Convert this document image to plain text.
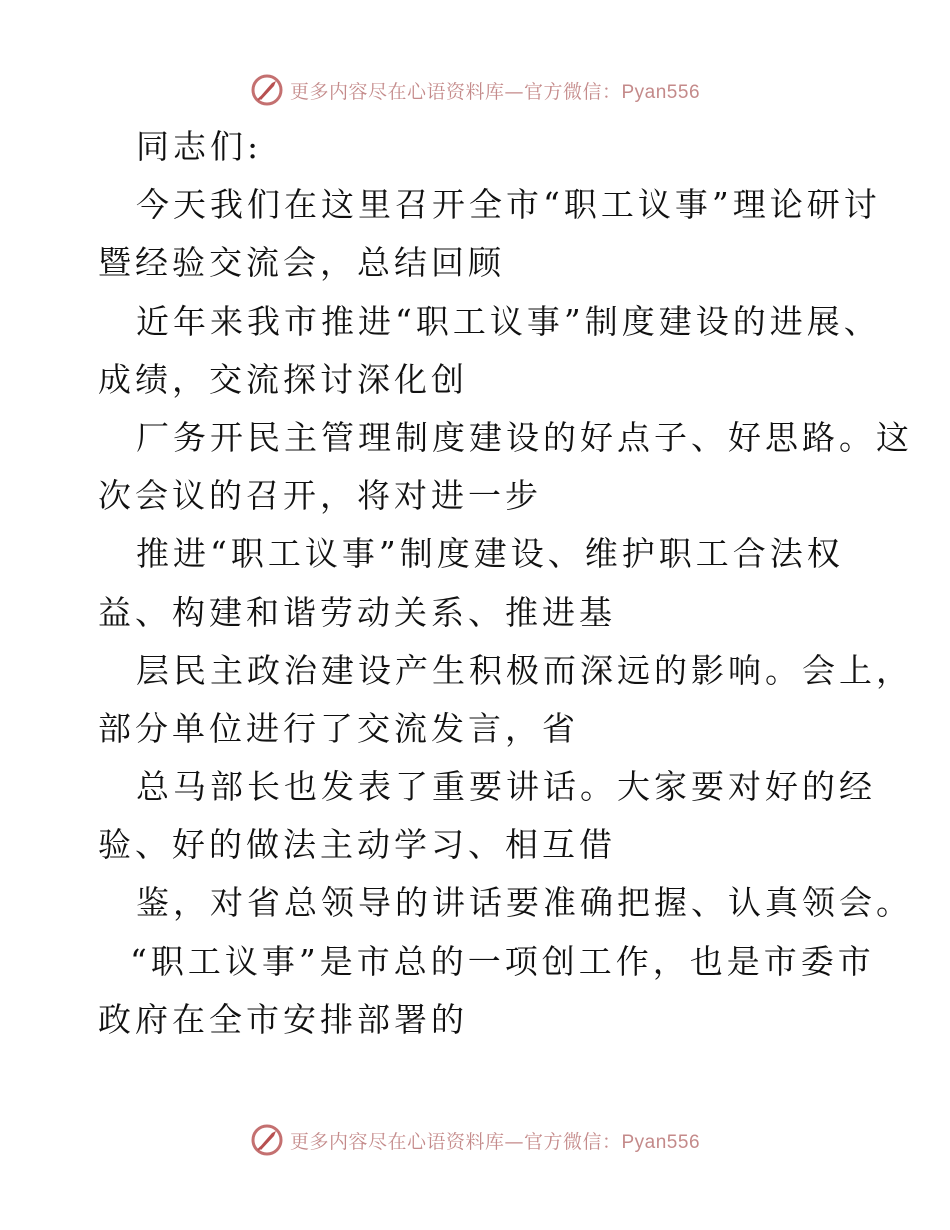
更多内容尽在心语资料库—官方微信：Pyan556
同志们:
今天我们在这里召开全市“职工议事”理论研讨
暨经验交流会，总结回顾
近年来我市推进“职工议事”制度建设的进展、
成绩，交流探讨深化创
厂务开民主管理制度建设的好点子、好思路。这
次会议的召开，将对进一步
推进“职工议事”制度建设、维护职工合法权
益、构建和谐劳动关系、推进基
层民主政治建设产生积极而深远的影响。会上，
部分单位进行了交流发言，省
总马部长也发表了重要讲话。大家要对好的经
验、好的做法主动学习、相互借
鉴，对省总领导的讲话要准确把握、认真领会。
“职工议事”是市总的一项创工作，也是市委市
政府在全市安排部署的
更多内容尽在心语资料库—官方微信：Pyan556
